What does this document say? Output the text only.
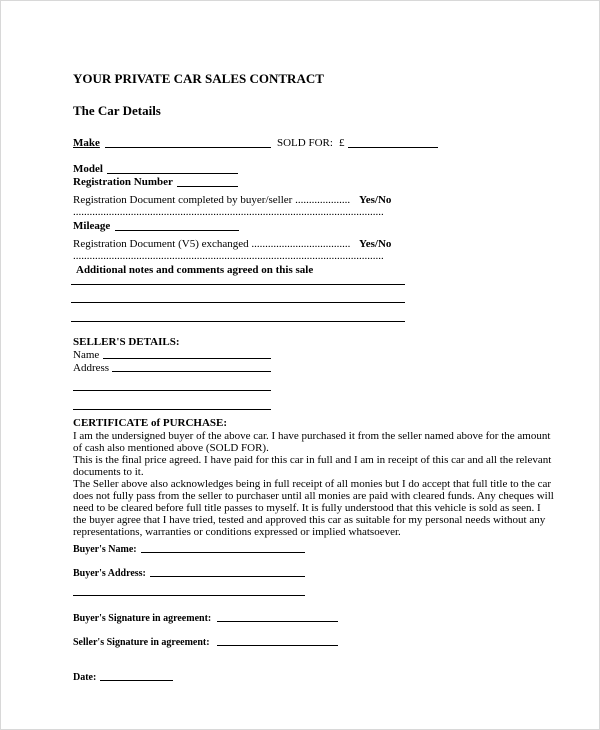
YOUR PRIVATE CAR SALES CONTRACT
The Car Details
Make	SOLD FOR: £
Model
Registration Number
Registration Document completed by buyer/seller .................... Yes/No
.................................................................................................................
Mileage
Registration Document (V5) exchanged .................................... Yes/No
.................................................................................................................
Additional notes and comments agreed on this sale
SELLER'S DETAILS:
Name
Address
CERTIFICATE of PURCHASE:
I am the undersigned buyer of the above car. I have purchased it from the seller named above for the amount
of cash also mentioned above (SOLD FOR).
This is the final price agreed. I have paid for this car in full and I am in receipt of this car and all the relevant
documents to it.
The Seller above also acknowledges being in full receipt of all monies but I do accept that full title to the car
does not fully pass from the seller to purchaser until all monies are paid with cleared funds. Any cheques will
need to be cleared before full title passes to myself. It is fully understood that this vehicle is sold as seen. I
the buyer agree that I have tried, tested and approved this car as suitable for my personal needs without any
representations, warranties or conditions expressed or implied whatsoever.
Buyer's Name:
Buyer's Address:
Buyer's Signature in agreement:
Seller's Signature in agreement:
Date:
